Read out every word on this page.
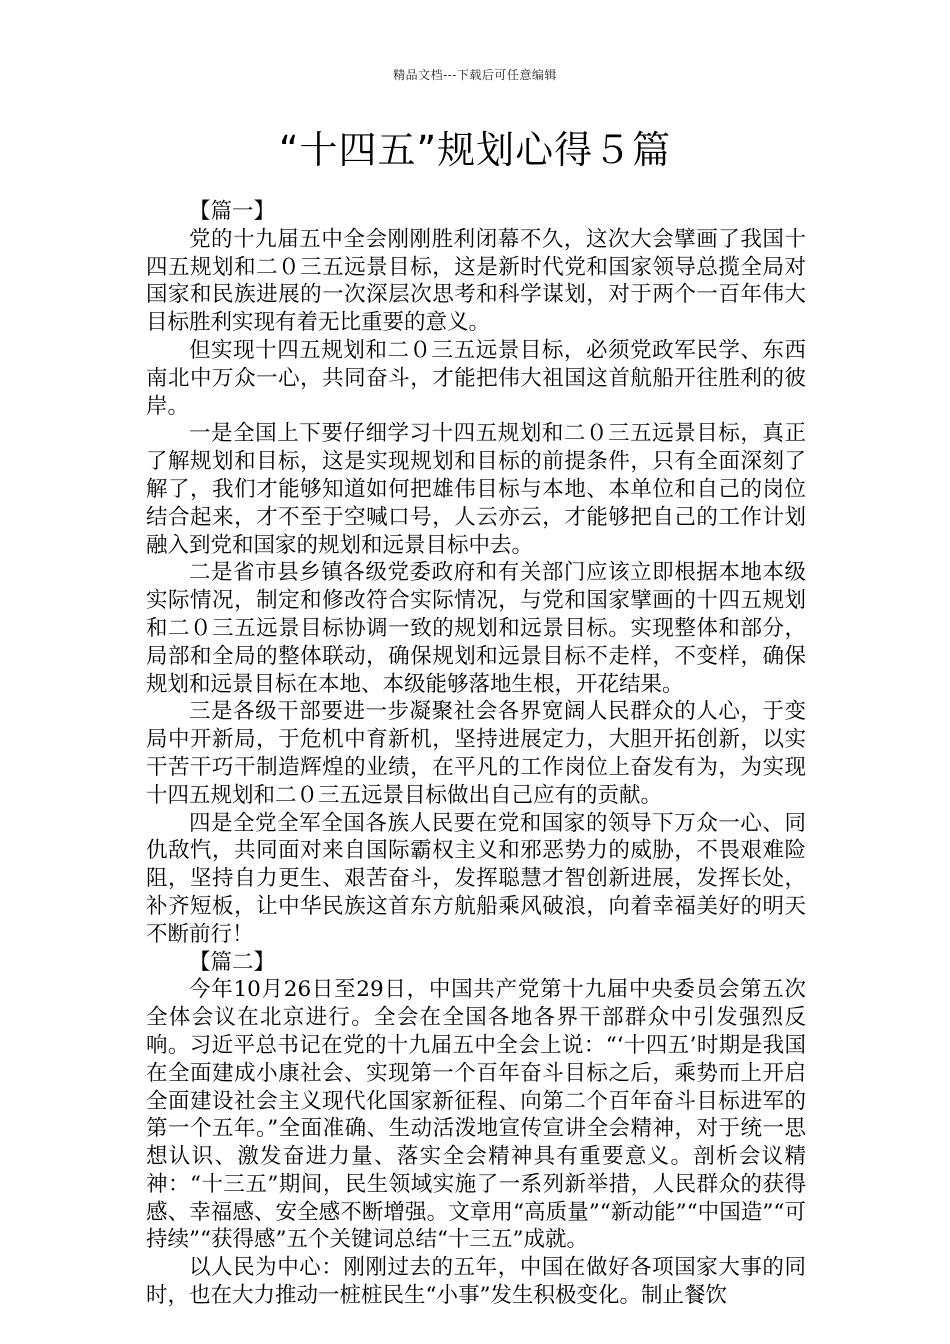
精品文档---下载后可任意编辑
“十四五”规划心得５篇

【篇一】

党的十九届五中全会刚刚胜利闭幕不久，这次大会擘画了我国十四五规划和二０三五远景目标，这是新时代党和国家领导总揽全局对国家和民族进展的一次深层次思考和科学谋划，对于两个一百年伟大目标胜利实现有着无比重要的意义。

但实现十四五规划和二０三五远景目标，必须党政军民学、东西南北中万众一心，共同奋斗，才能把伟大祖国这首航船开往胜利的彼岸。

一是全国上下要仔细学习十四五规划和二０三五远景目标，真正了解规划和目标，这是实现规划和目标的前提条件，只有全面深刻了解了，我们才能够知道如何把雄伟目标与本地、本单位和自己的岗位结合起来，才不至于空喊口号，人云亦云，才能够把自己的工作计划融入到党和国家的规划和远景目标中去。

二是省市县乡镇各级党委政府和有关部门应该立即根据本地本级实际情况，制定和修改符合实际情况，与党和国家擘画的十四五规划和二０三五远景目标协调一致的规划和远景目标。实现整体和部分，局部和全局的整体联动，确保规划和远景目标不走样，不变样，确保规划和远景目标在本地、本级能够落地生根，开花结果。

三是各级干部要进一步凝聚社会各界宽阔人民群众的人心，于变局中开新局，于危机中育新机，坚持进展定力，大胆开拓创新，以实干苦干巧干制造辉煌的业绩，在平凡的工作岗位上奋发有为，为实现十四五规划和二０三五远景目标做出自己应有的贡献。

四是全党全军全国各族人民要在党和国家的领导下万众一心、同仇敌忾，共同面对来自国际霸权主义和邪恶势力的威胁，不畏艰难险阻，坚持自力更生、艰苦奋斗，发挥聪慧才智创新进展，发挥长处，补齐短板，让中华民族这首东方航船乘风破浪，向着幸福美好的明天不断前行！

【篇二】

今年10月26日至29日，中国共产党第十九届中央委员会第五次全体会议在北京进行。全会在全国各地各界干部群众中引发强烈反响。习近平总书记在党的十九届五中全会上说：“‘十四五’时期是我国在全面建成小康社会、实现第一个百年奋斗目标之后，乘势而上开启全面建设社会主义现代化国家新征程、向第二个百年奋斗目标进军的第一个五年。”全面准确、生动活泼地宣传宣讲全会精神，对于统一思想认识、激发奋进力量、落实全会精神具有重要意义。剖析会议精神：“十三五”期间，民生领域实施了一系列新举措，人民群众的获得感、幸福感、安全感不断增强。文章用“高质量”“新动能”“中国造”“可持续”“获得感”五个关键词总结“十三五”成就。

以人民为中心：刚刚过去的五年，中国在做好各项国家大事的同时，也在大力推动一桩桩民生“小事”发生积极变化。制止餐饮
